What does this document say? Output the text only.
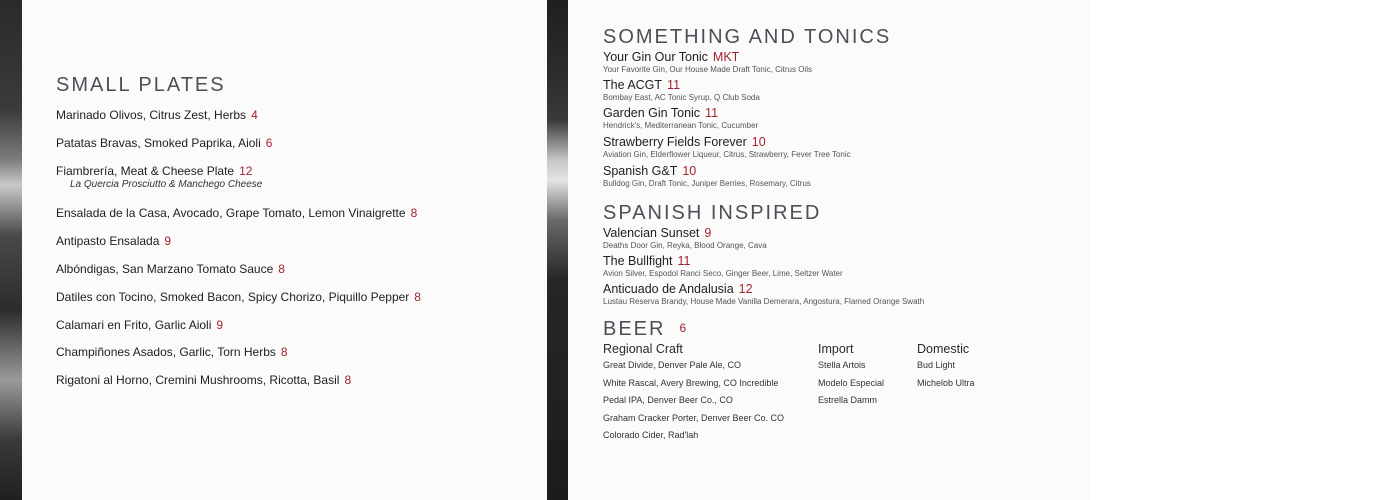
SMALL PLATES
Marinado Olivos, Citrus Zest, Herbs 4
Patatas Bravas, Smoked Paprika, Aioli 6
Fiambrería, Meat & Cheese Plate 12
La Quercia Prosciutto & Manchego Cheese
Ensalada de la Casa, Avocado, Grape Tomato, Lemon Vinaigrette 8
Antipasto Ensalada 9
Albóndigas, San Marzano Tomato Sauce 8
Datiles con Tocino, Smoked Bacon, Spicy Chorizo, Piquillo Pepper 8
Calamari en Frito, Garlic Aioli 9
Champiñones Asados, Garlic, Torn Herbs 8
Rigatoni al Horno, Cremini Mushrooms, Ricotta, Basil 8
SOMETHING AND TONICS
Your Gin Our Tonic MKT
Your Favorite Gin, Our House Made Draft Tonic, Citrus Oils
The ACGT 11
Bombay East, AC Tonic Syrup, Q Club Soda
Garden Gin Tonic 11
Hendrick's, Mediterranean Tonic, Cucumber
Strawberry Fields Forever 10
Aviation Gin, Elderflower Liqueur, Citrus, Strawberry, Fever Tree Tonic
Spanish G&T 10
Bulldog Gin, Draft Tonic, Juniper Berries, Rosemary, Citrus
SPANISH INSPIRED
Valencian Sunset 9
Deaths Door Gin, Reyka, Blood Orange, Cava
The Bullfight 11
Avion Silver, Espodol Ranci Seco, Ginger Beer, Lime, Seltzer Water
Anticuado de Andalusia 12
Lustau Reserva Brandy, House Made Vanilla Demerara, Angostura, Flamed Orange Swath
BEER 6
Regional Craft
Great Divide, Denver Pale Ale, CO
White Rascal, Avery Brewing, CO Incredible
Pedal IPA, Denver Beer Co., CO
Graham Cracker Porter, Denver Beer Co. CO
Colorado Cider, Rad'lah
Import
Stella Artois
Modelo Especial
Estrella Damm
Domestic
Bud Light
Michelob Ultra
